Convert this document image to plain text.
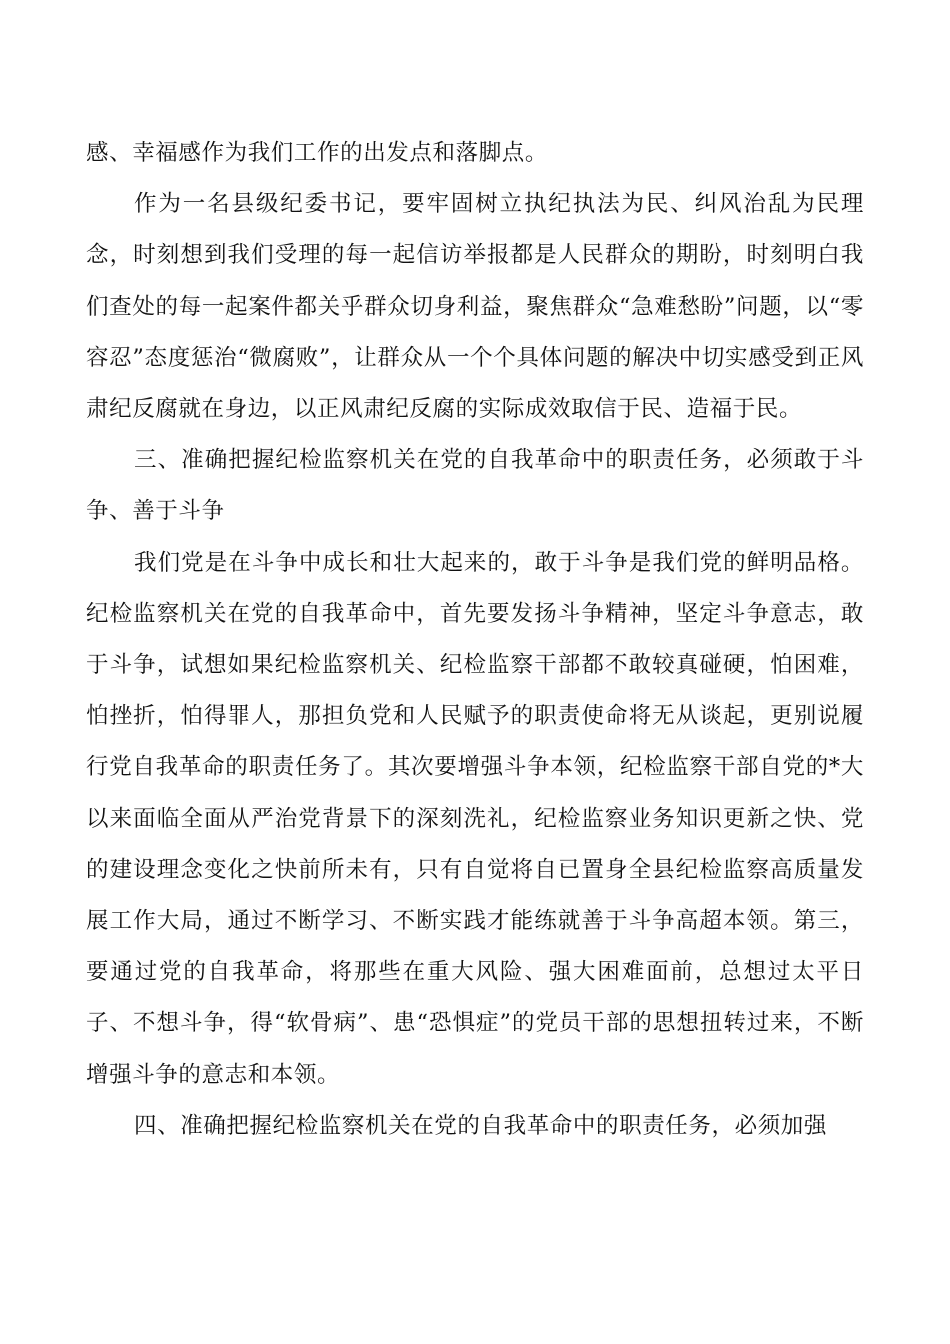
感、幸福感作为我们工作的出发点和落脚点。

作为一名县级纪委书记，要牢固树立执纪执法为民、纠风治乱为民理念，时刻想到我们受理的每一起信访举报都是人民群众的期盼，时刻明白我们查处的每一起案件都关乎群众切身利益，聚焦群众“急难愁盼”问题，以“零容忍”态度惩治“微腐败”，让群众从一个个具体问题的解决中切实感受到正风肃纪反腐就在身边，以正风肃纪反腐的实际成效取信于民、造福于民。

三、准确把握纪检监察机关在党的自我革命中的职责任务，必须敢于斗争、善于斗争

我们党是在斗争中成长和壮大起来的，敢于斗争是我们党的鲜明品格。纪检监察机关在党的自我革命中，首先要发扬斗争精神，坚定斗争意志，敢于斗争，试想如果纪检监察机关、纪检监察干部都不敢较真碰硬，怕困难，怕挫折，怕得罪人，那担负党和人民赋予的职责使命将无从谈起，更别说履行党自我革命的职责任务了。其次要增强斗争本领，纪检监察干部自党的*大以来面临全面从严治党背景下的深刻洗礼，纪检监察业务知识更新之快、党的建设理念变化之快前所未有，只有自觉将自已置身全县纪检监察高质量发展工作大局，通过不断学习、不断实践才能练就善于斗争高超本领。第三，要通过党的自我革命，将那些在重大风险、强大困难面前，总想过太平日子、不想斗争，得“软骨病”、患“恐惧症”的党员干部的思想扭转过来，不断增强斗争的意志和本领。

四、准确把握纪检监察机关在党的自我革命中的职责任务，必须加强
